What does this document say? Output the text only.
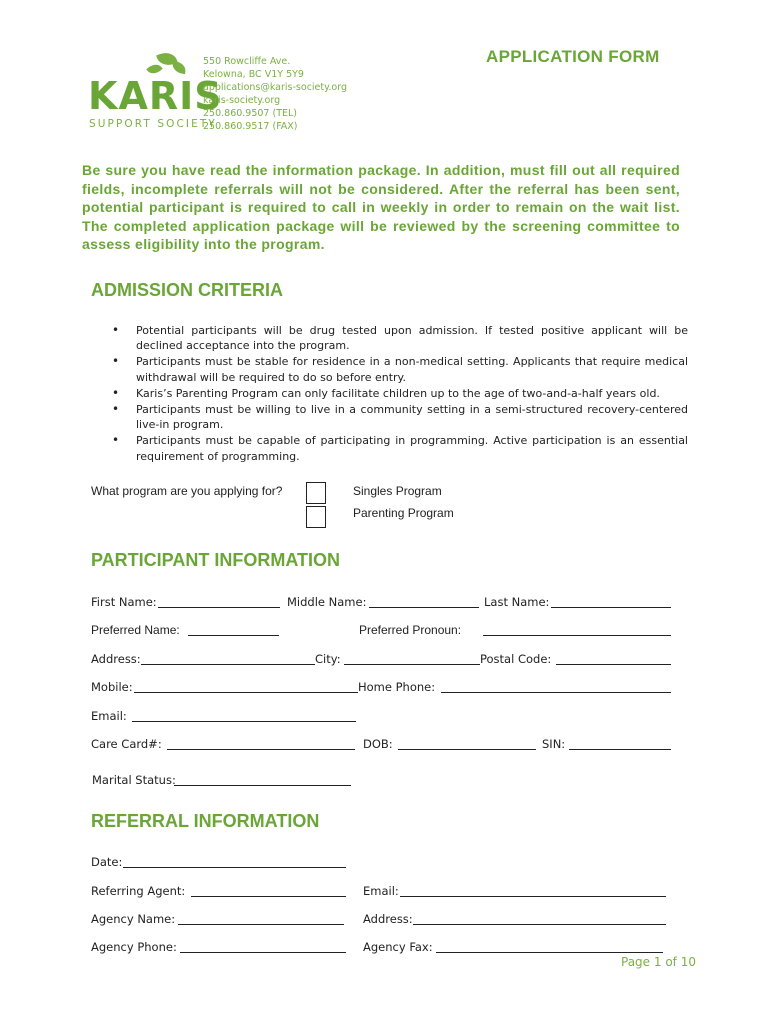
KARIS
SUPPORT SOCIETY
550 Rowcliffe Ave.
Kelowna, BC V1Y 5Y9
applications@karis-society.org
karis-society.org
250.860.9507 (TEL)
250.860.9517 (FAX)
APPLICATION FORM
Be sure you have read the information package. In addition, must fill out all required fields, incomplete referrals will not be considered. After the referral has been sent, potential participant is required to call in weekly in order to remain on the wait list. The completed application package will be reviewed by the screening committee to assess eligibility into the program.
ADMISSION CRITERIA
• Potential participants will be drug tested upon admission. If tested positive applicant will be declined acceptance into the program.
• Participants must be stable for residence in a non-medical setting. Applicants that require medical withdrawal will be required to do so before entry.
• Karis’s Parenting Program can only facilitate children up to the age of two-and-a-half years old.
• Participants must be willing to live in a community setting in a semi-structured recovery-centered live-in program.
• Participants must be capable of participating in programming. Active participation is an essential requirement of programming.
What program are you applying for?	Singles Program
Parenting Program
PARTICIPANT INFORMATION
First Name:	Middle Name:	Last Name:
Preferred Name:	Preferred Pronoun:
Address:	City:	Postal Code:
Mobile:	Home Phone:
Email:
Care Card#:	DOB:	SIN:
Marital Status:
REFERRAL INFORMATION
Date:
Referring Agent:	Email:
Agency Name:	Address:
Agency Phone:	Agency Fax:
Page 1 of 10
